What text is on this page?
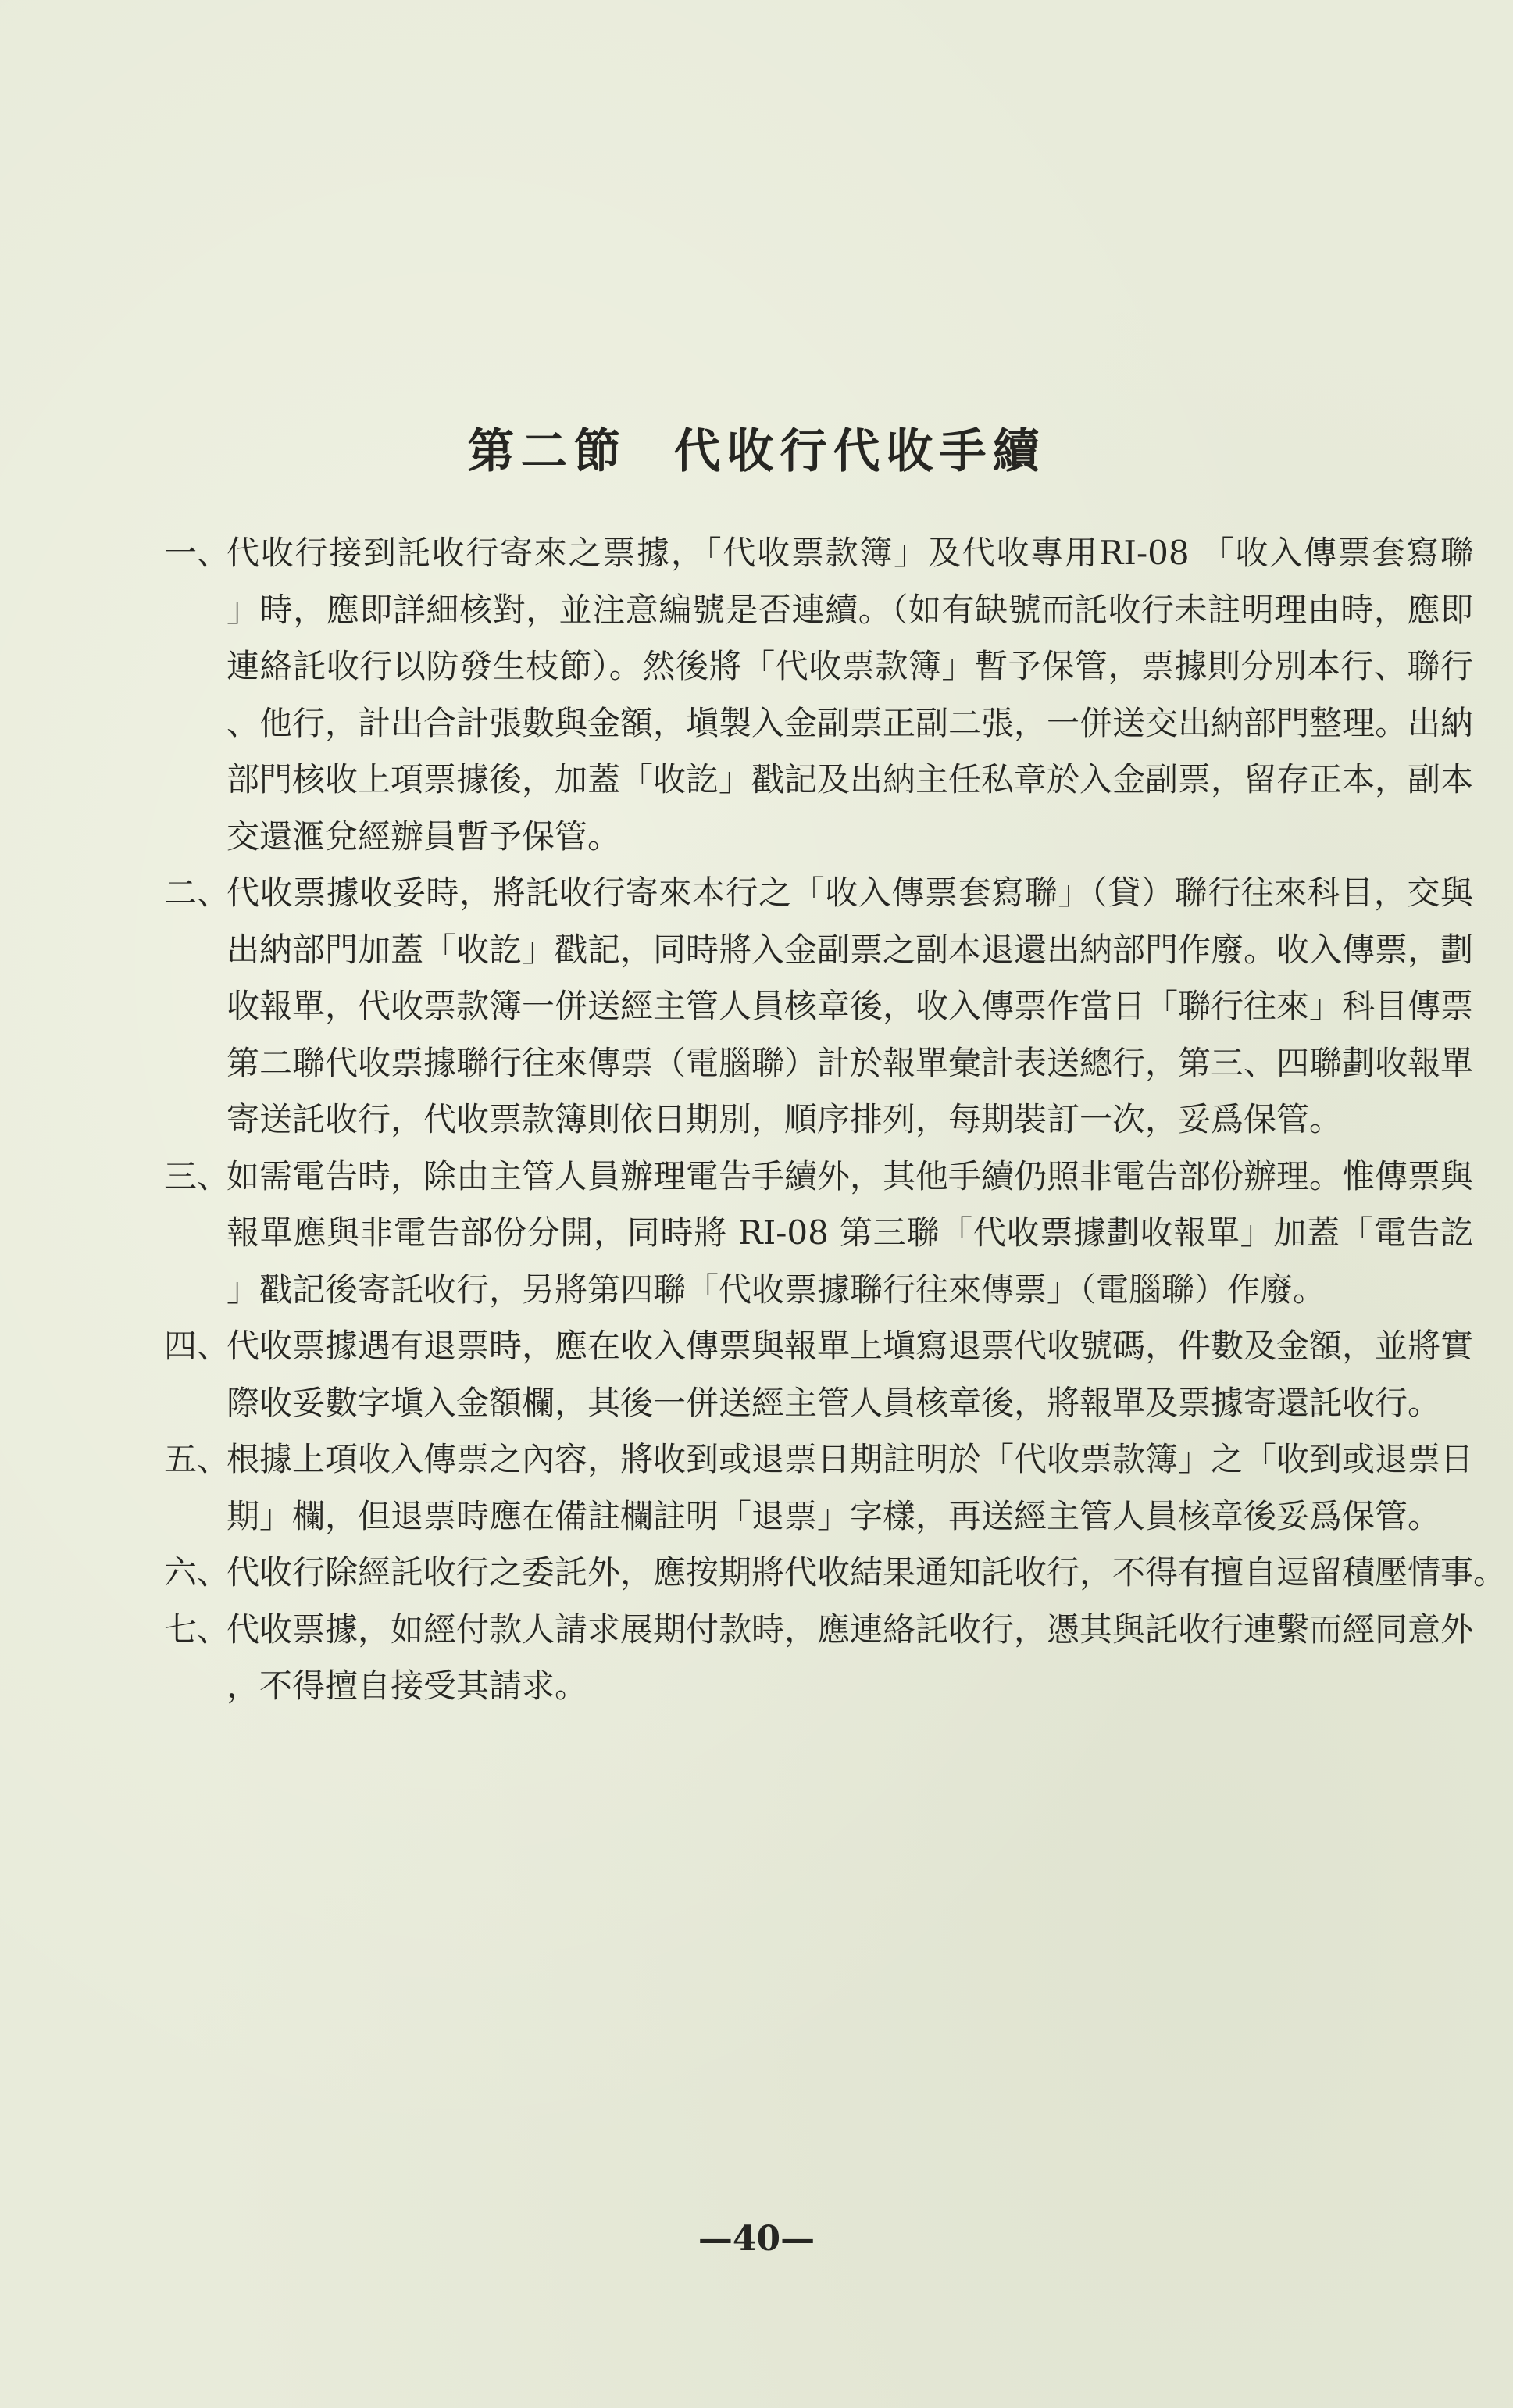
第二節 代收行代收手續
一、
代收行接到託收行寄來之票據，「代收票款簿」及代收專用RI-08 「收入傳票套寫聯
」時，應即詳細核對，並注意編號是否連續。（如有缺號而託收行未註明理由時，應即
連絡託收行以防發生枝節）。然後將「代收票款簿」暫予保管，票據則分別本行、聯行
、他行，計出合計張數與金額，塡製入金副票正副二張，一併送交出納部門整理。出納
部門核收上項票據後，加蓋「收訖」戳記及出納主任私章於入金副票，留存正本，副本
交還滙兌經辦員暫予保管。
二、
代收票據收妥時，將託收行寄來本行之「收入傳票套寫聯」（貸）聯行往來科目，交與
出納部門加蓋「收訖」戳記，同時將入金副票之副本退還出納部門作廢。收入傳票，劃
收報單，代收票款簿一併送經主管人員核章後，收入傳票作當日「聯行往來」科目傳票
第二聯代收票據聯行往來傳票（電腦聯）計於報單彙計表送總行，第三、四聯劃收報單
寄送託收行，代收票款簿則依日期別，順序排列，每期裝訂一次，妥爲保管。
三、
如需電告時，除由主管人員辦理電告手續外，其他手續仍照非電告部份辦理。惟傳票與
報單應與非電告部份分開，同時將 RI-08 第三聯「代收票據劃收報單」加蓋「電告訖
」戳記後寄託收行，另將第四聯「代收票據聯行往來傳票」（電腦聯）作廢。
四、
代收票據遇有退票時，應在收入傳票與報單上塡寫退票代收號碼，件數及金額，並將實
際收妥數字塡入金額欄，其後一併送經主管人員核章後，將報單及票據寄還託收行。
五、
根據上項收入傳票之內容，將收到或退票日期註明於「代收票款簿」之「收到或退票日
期」欄，但退票時應在備註欄註明「退票」字樣，再送經主管人員核章後妥爲保管。
六、
代收行除經託收行之委託外，應按期將代收結果通知託收行，不得有擅自逗留積壓情事。
七、
代收票據，如經付款人請求展期付款時，應連絡託收行，憑其與託收行連繫而經同意外
，不得擅自接受其請求。
—40—
